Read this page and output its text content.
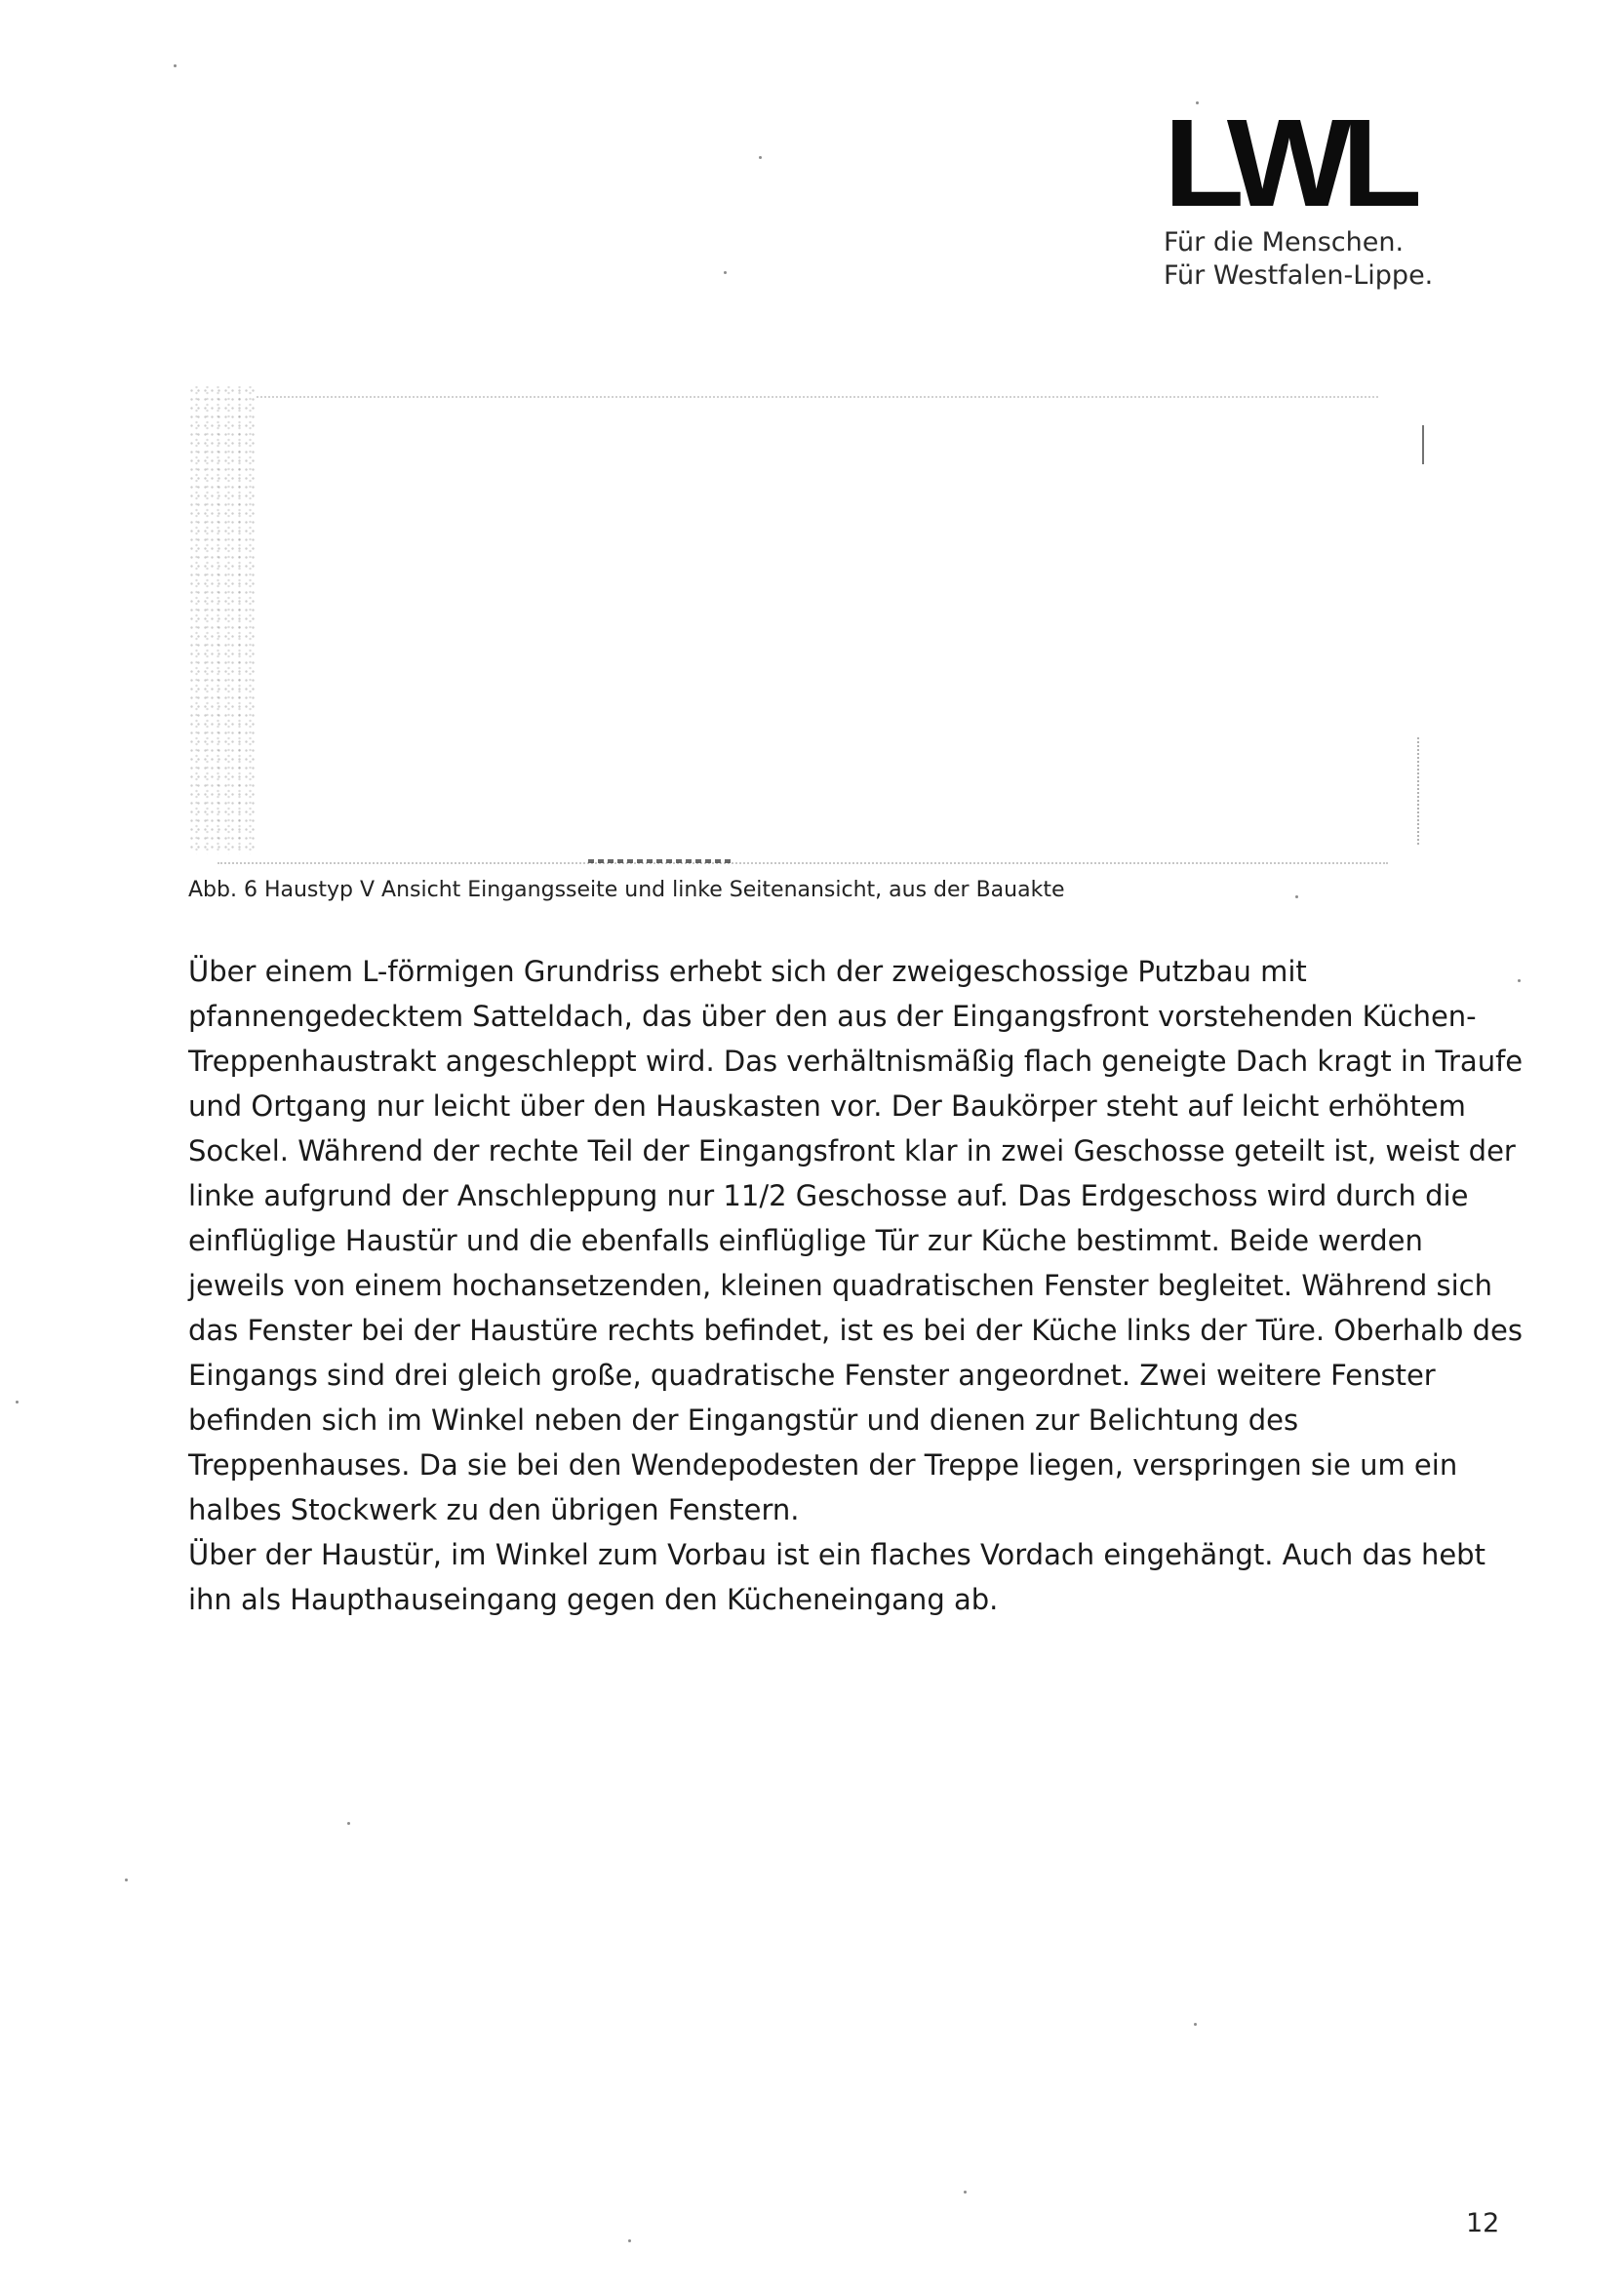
LWL
Für die Menschen.
Für Westfalen-Lippe.
Abb. 6 Haustyp V Ansicht Eingangsseite und linke Seitenansicht, aus der Bauakte

Über einem L-förmigen Grundriss erhebt sich der zweigeschossige Putzbau mit pfannengedecktem Satteldach, das über den aus der Eingangsfront vorstehenden Küchen-Treppenhaustrakt angeschleppt wird. Das verhältnismäßig flach geneigte Dach kragt in Traufe und Ortgang nur leicht über den Hauskasten vor. Der Baukörper steht auf leicht erhöhtem Sockel. Während der rechte Teil der Eingangsfront klar in zwei Geschosse geteilt ist, weist der linke aufgrund der Anschleppung nur 11/2 Geschosse auf. Das Erdgeschoss wird durch die einflüglige Haustür und die ebenfalls einflüglige Tür zur Küche bestimmt. Beide werden jeweils von einem hochansetzenden, kleinen quadratischen Fenster begleitet. Während sich das Fenster bei der Haustüre rechts befindet, ist es bei der Küche links der Türe. Oberhalb des Eingangs sind drei gleich große, quadratische Fenster angeordnet. Zwei weitere Fenster befinden sich im Winkel neben der Eingangstür und dienen zur Belichtung des Treppenhauses. Da sie bei den Wendepodesten der Treppe liegen, verspringen sie um ein halbes Stockwerk zu den übrigen Fenstern.

Über der Haustür, im Winkel zum Vorbau ist ein flaches Vordach eingehängt. Auch das hebt ihn als Haupthauseingang gegen den Kücheneingang ab.

12
